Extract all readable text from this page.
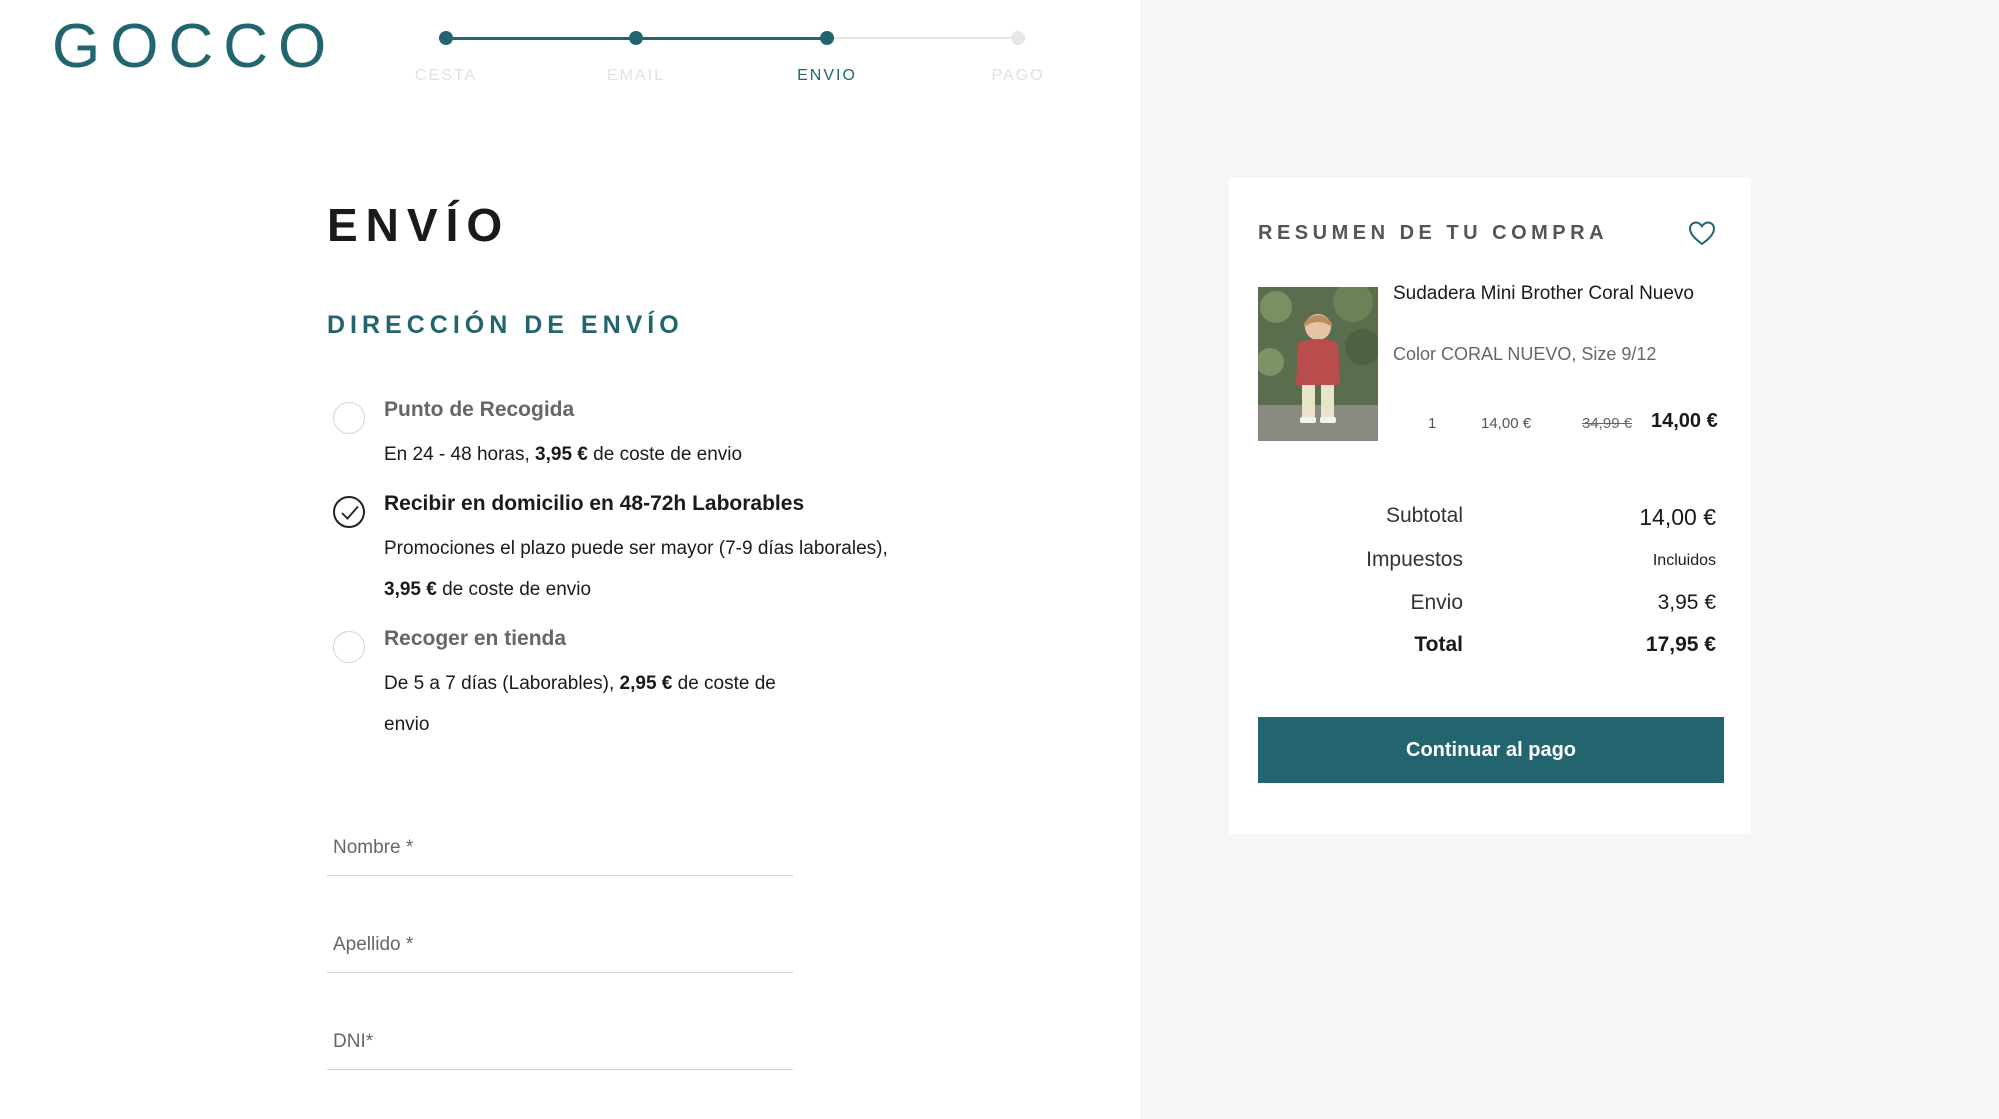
GOCCO	CESTA	EMAIL	ENVIO	PAGO
ENVÍO
DIRECCIÓN DE ENVÍO
Punto de Recogida
En 24 - 48 horas, 3,95 € de coste de envio
Recibir en domicilio en 48-72h Laborables
Promociones el plazo puede ser mayor (7-9 días laborales),
3,95 € de coste de envio
Recoger en tienda
De 5 a 7 días (Laborables), 2,95 € de coste de envio
Nombre *
Apellido *
DNI*
RESUMEN DE TU COMPRA
Sudadera Mini Brother Coral Nuevo
Color CORAL NUEVO, Size 9/12
1	14,00 €	34,99 € 14,00 €
Subtotal	14,00 €
Impuestos	Incluidos
Envio	3,95 €
Total	17,95 €
Continuar al pago
